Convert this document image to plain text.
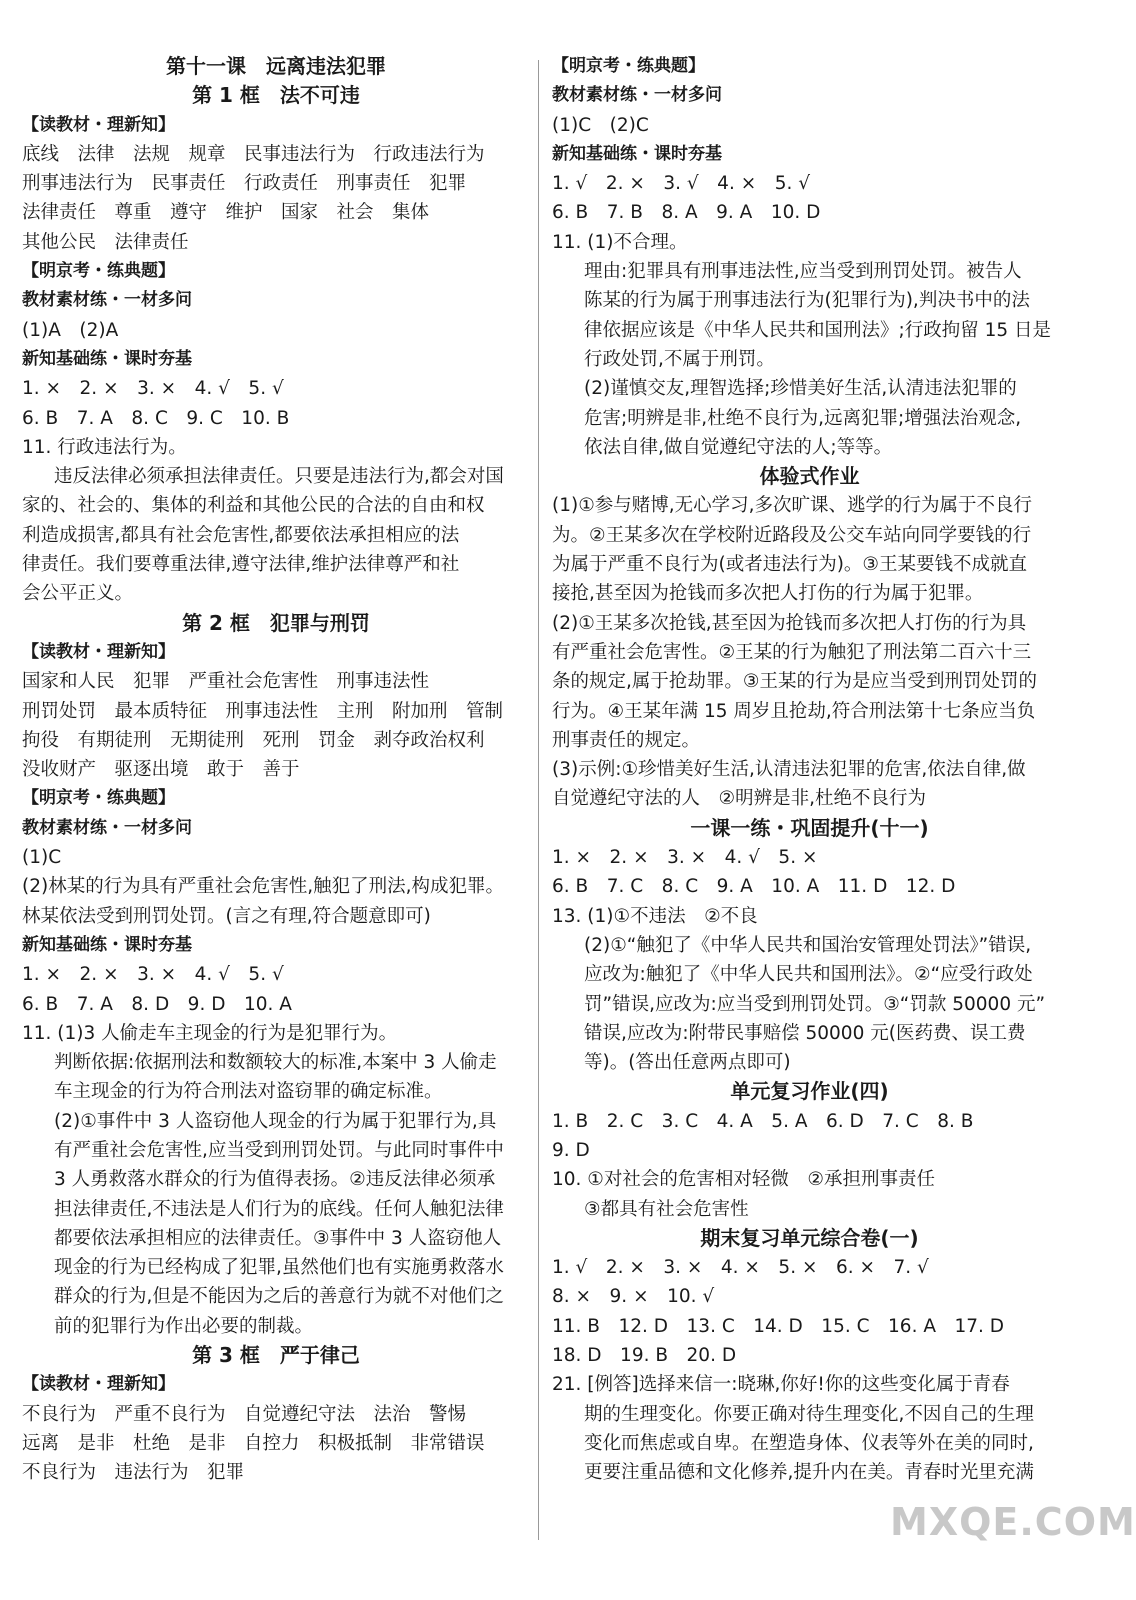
第十一课　远离违法犯罪
第 1 框　法不可违
【读教材・理新知】
底线　法律　法规　规章　民事违法行为　行政违法行为
刑事违法行为　民事责任　行政责任　刑事责任　犯罪
法律责任　尊重　遵守　维护　国家　社会　集体
其他公民　法律责任
【明京考・练典题】
教材素材练・一材多问
(1)A　(2)A
新知基础练・课时夯基
1. ×　2. ×　3. ×　4. √　5. √
6. B　7. A　8. C　9. C　10. B
11. 行政违法行为。
违反法律必须承担法律责任。只要是违法行为,都会对国
家的、社会的、集体的利益和其他公民的合法的自由和权
利造成损害,都具有社会危害性,都要依法承担相应的法
律责任。我们要尊重法律,遵守法律,维护法律尊严和社
会公平正义。
第 2 框　犯罪与刑罚
【读教材・理新知】
国家和人民　犯罪　严重社会危害性　刑事违法性
刑罚处罚　最本质特征　刑事违法性　主刑　附加刑　管制
拘役　有期徒刑　无期徒刑　死刑　罚金　剥夺政治权利
没收财产　驱逐出境　敢于　善于
【明京考・练典题】
教材素材练・一材多问
(1)C
(2)林某的行为具有严重社会危害性,触犯了刑法,构成犯罪。
林某依法受到刑罚处罚。(言之有理,符合题意即可)
新知基础练・课时夯基
1. ×　2. ×　3. ×　4. √　5. √
6. B　7. A　8. D　9. D　10. A
11. (1)3 人偷走车主现金的行为是犯罪行为。
判断依据:依据刑法和数额较大的标准,本案中 3 人偷走
车主现金的行为符合刑法对盗窃罪的确定标准。
(2)①事件中 3 人盗窃他人现金的行为属于犯罪行为,具
有严重社会危害性,应当受到刑罚处罚。与此同时事件中
3 人勇救落水群众的行为值得表扬。②违反法律必须承
担法律责任,不违法是人们行为的底线。任何人触犯法律
都要依法承担相应的法律责任。③事件中 3 人盗窃他人
现金的行为已经构成了犯罪,虽然他们也有实施勇救落水
群众的行为,但是不能因为之后的善意行为就不对他们之
前的犯罪行为作出必要的制裁。
第 3 框　严于律己
【读教材・理新知】
不良行为　严重不良行为　自觉遵纪守法　法治　警惕
远离　是非　杜绝　是非　自控力　积极抵制　非常错误
不良行为　违法行为　犯罪
【明京考・练典题】
教材素材练・一材多问
(1)C　(2)C
新知基础练・课时夯基
1. √　2. ×　3. √　4. ×　5. √
6. B　7. B　8. A　9. A　10. D
11. (1)不合理。
理由:犯罪具有刑事违法性,应当受到刑罚处罚。被告人
陈某的行为属于刑事违法行为(犯罪行为),判决书中的法
律依据应该是《中华人民共和国刑法》;行政拘留 15 日是
行政处罚,不属于刑罚。
(2)谨慎交友,理智选择;珍惜美好生活,认清违法犯罪的
危害;明辨是非,杜绝不良行为,远离犯罪;增强法治观念,
依法自律,做自觉遵纪守法的人;等等。
体验式作业
(1)①参与赌博,无心学习,多次旷课、逃学的行为属于不良行
为。②王某多次在学校附近路段及公交车站向同学要钱的行
为属于严重不良行为(或者违法行为)。③王某要钱不成就直
接抢,甚至因为抢钱而多次把人打伤的行为属于犯罪。
(2)①王某多次抢钱,甚至因为抢钱而多次把人打伤的行为具
有严重社会危害性。②王某的行为触犯了刑法第二百六十三
条的规定,属于抢劫罪。③王某的行为是应当受到刑罚处罚的
行为。④王某年满 15 周岁且抢劫,符合刑法第十七条应当负
刑事责任的规定。
(3)示例:①珍惜美好生活,认清违法犯罪的危害,依法自律,做
自觉遵纪守法的人　②明辨是非,杜绝不良行为
一课一练・巩固提升(十一)
1. ×　2. ×　3. ×　4. √　5. ×
6. B　7. C　8. C　9. A　10. A　11. D　12. D
13. (1)①不违法　②不良
(2)①“触犯了《中华人民共和国治安管理处罚法》”错误,
应改为:触犯了《中华人民共和国刑法》。②“应受行政处
罚”错误,应改为:应当受到刑罚处罚。③“罚款 50000 元”
错误,应改为:附带民事赔偿 50000 元(医药费、误工费
等)。(答出任意两点即可)
单元复习作业(四)
1. B　2. C　3. C　4. A　5. A　6. D　7. C　8. B
9. D
10. ①对社会的危害相对轻微　②承担刑事责任
③都具有社会危害性
期末复习单元综合卷(一)
1. √　2. ×　3. ×　4. ×　5. ×　6. ×　7. √
8. ×　9. ×　10. √
11. B　12. D　13. C　14. D　15. C　16. A　17. D
18. D　19. B　20. D
21. [例答]选择来信一:晓琳,你好!你的这些变化属于青春
期的生理变化。你要正确对待生理变化,不因自己的生理
变化而焦虑或自卑。在塑造身体、仪表等外在美的同时,
更要注重品德和文化修养,提升内在美。青春时光里充满
MXQE.COM
